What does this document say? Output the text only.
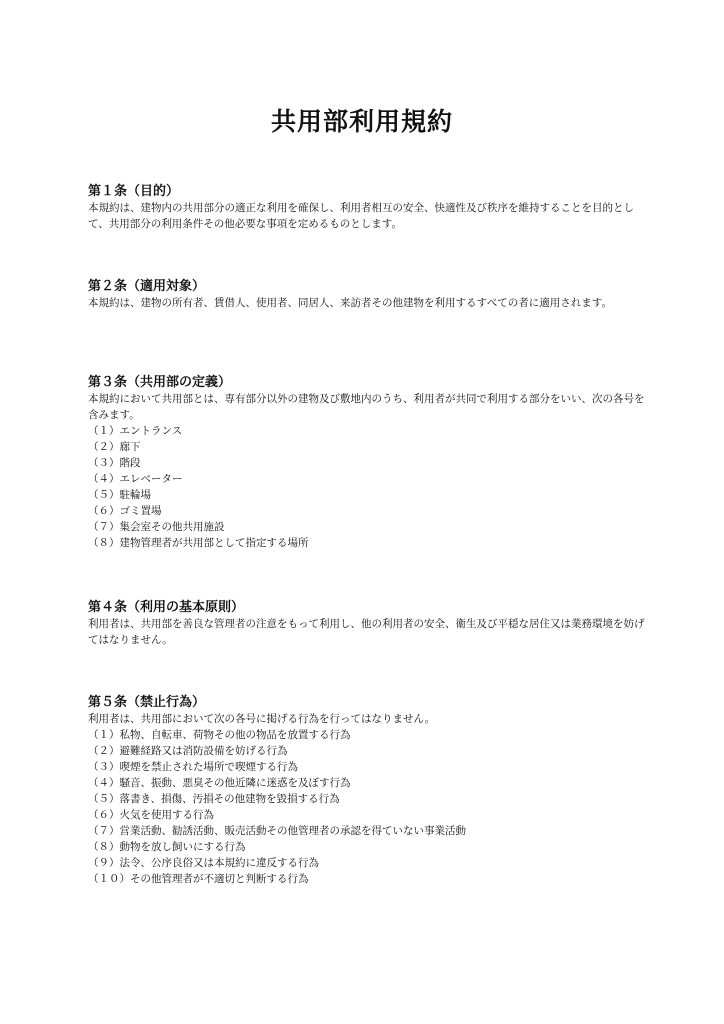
共用部利用規約
第１条（目的）

本規約は、建物内の共用部分の適正な利用を確保し、利用者相互の安全、快適性及び秩序を維持することを目的として、共用部分の利用条件その他必要な事項を定めるものとします。

第２条（適用対象）

本規約は、建物の所有者、賃借人、使用者、同居人、来訪者その他建物を利用するすべての者に適用されます。

第３条（共用部の定義）

本規約において共用部とは、専有部分以外の建物及び敷地内のうち、利用者が共同で利用する部分をいい、次の各号を含みます。

（１）エントランス
（２）廊下
（３）階段
（４）エレベーター
（５）駐輪場
（６）ゴミ置場
（７）集会室その他共用施設
（８）建物管理者が共用部として指定する場所
第４条（利用の基本原則）

利用者は、共用部を善良な管理者の注意をもって利用し、他の利用者の安全、衛生及び平穏な居住又は業務環境を妨げてはなりません。

第５条（禁止行為）

利用者は、共用部において次の各号に掲げる行為を行ってはなりません。

（１）私物、自転車、荷物その他の物品を放置する行為
（２）避難経路又は消防設備を妨げる行為
（３）喫煙を禁止された場所で喫煙する行為
（４）騒音、振動、悪臭その他近隣に迷惑を及ぼす行為
（５）落書き、損傷、汚損その他建物を毀損する行為
（６）火気を使用する行為
（７）営業活動、勧誘活動、販売活動その他管理者の承認を得ていない事業活動
（８）動物を放し飼いにする行為
（９）法令、公序良俗又は本規約に違反する行為
（１０）その他管理者が不適切と判断する行為
